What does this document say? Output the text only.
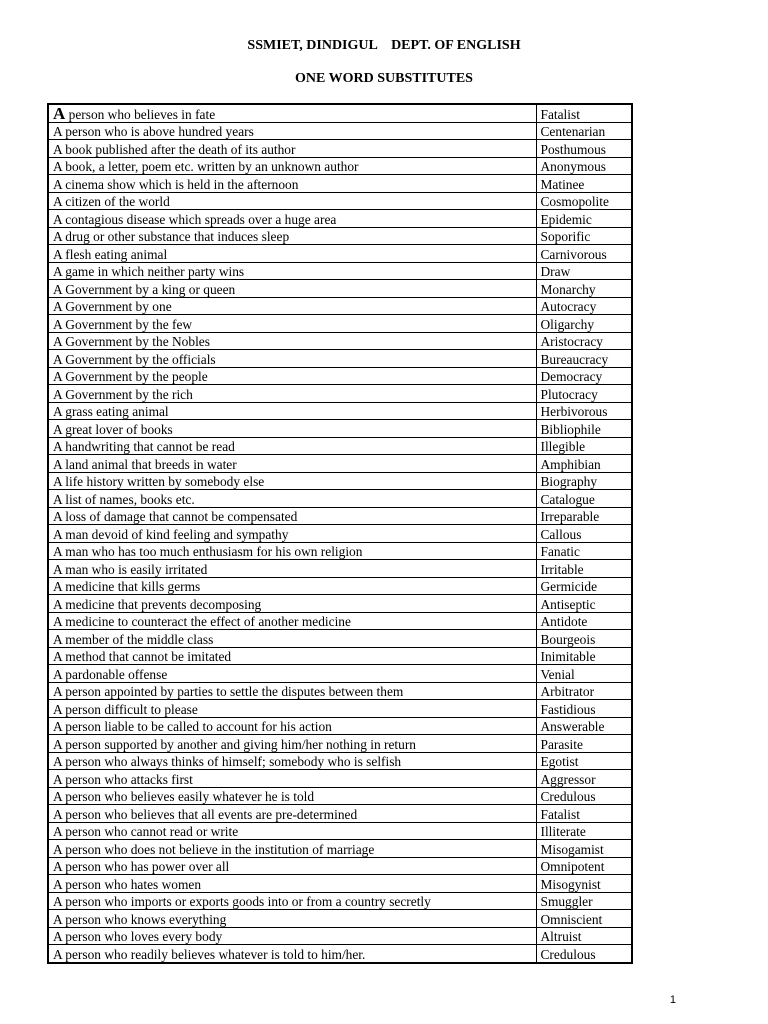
SSMIET, DINDIGUL    DEPT. OF ENGLISH
ONE WORD SUBSTITUTES
A person who believes in fate	Fatalist
A person who is above hundred years	Centenarian
A book published after the death of its author	Posthumous
A book, a letter, poem etc. written by an unknown author	Anonymous
A cinema show which is held in the afternoon	Matinee
A citizen of the world	Cosmopolite
A contagious disease which spreads over a huge area	Epidemic
A drug or other substance that induces sleep	Soporific
A flesh eating animal	Carnivorous
A game in which neither party wins	Draw
A Government by a king or queen	Monarchy
A Government by one	Autocracy
A Government by the few	Oligarchy
A Government by the Nobles	Aristocracy
A Government by the officials	Bureaucracy
A Government by the people	Democracy
A Government by the rich	Plutocracy
A grass eating animal	Herbivorous
A great lover of books	Bibliophile
A handwriting that cannot be read	Illegible
A land animal that breeds in water	Amphibian
A life history written by somebody else	Biography
A list of names, books etc.	Catalogue
A loss of damage that cannot be compensated	Irreparable
A man devoid of kind feeling and sympathy	Callous
A man who has too much enthusiasm for his own religion	Fanatic
A man who is easily irritated	Irritable
A medicine that kills germs	Germicide
A medicine that prevents decomposing	Antiseptic
A medicine to counteract the effect of another medicine	Antidote
A member of the middle class	Bourgeois
A method that cannot be imitated	Inimitable
A pardonable offense	Venial
A person appointed by parties to settle the disputes between them	Arbitrator
A person difficult to please	Fastidious
A person liable to be called to account for his action	Answerable
A person supported by another and giving him/her nothing in return	Parasite
A person who always thinks of himself; somebody who is selfish	Egotist
A person who attacks first	Aggressor
A person who believes easily whatever he is told	Credulous
A person who believes that all events are pre-determined	Fatalist
A person who cannot read or write	Illiterate
A person who does not believe in the institution of marriage	Misogamist
A person who has power over all	Omnipotent
A person who hates women	Misogynist
A person who imports or exports goods into or from a country secretly	Smuggler
A person who knows everything	Omniscient
A person who loves every body	Altruist
A person who readily believes whatever is told to him/her.	Credulous
1
